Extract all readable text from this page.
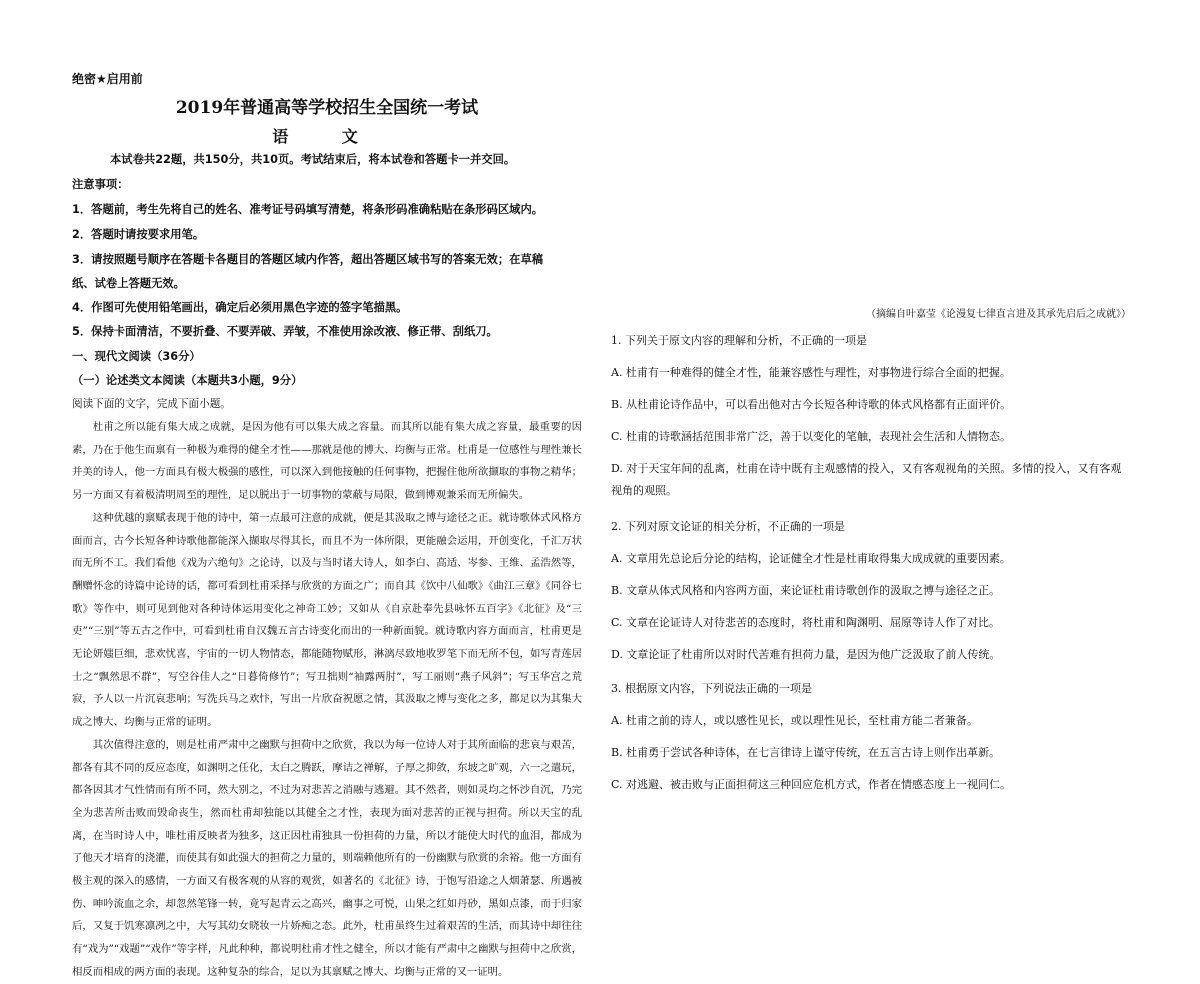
绝密★启用前
2019年普通高等学校招生全国统一考试
语 文
本试卷共22题，共150分，共10页。考试结束后，将本试卷和答题卡一并交回。
注意事项：
1．答题前，考生先将自己的姓名、准考证号码填写清楚，将条形码准确粘贴在条形码区域内。
2．答题时请按要求用笔。
3．请按照题号顺序在答题卡各题目的答题区域内作答，超出答题区域书写的答案无效；在草稿
纸、试卷上答题无效。
4．作图可先使用铅笔画出，确定后必须用黑色字迹的签字笔描黑。
5．保持卡面清洁，不要折叠、不要弄破、弄皱，不准使用涂改液、修正带、刮纸刀。
一、现代文阅读（36分）
（一）论述类文本阅读（本题共3小题，9分）
阅读下面的文字，完成下面小题。

杜甫之所以能有集大成之成就，是因为他有可以集大成之容量。而其所以能有集大成之容量，最重要的因素，乃在于他生而禀有一种极为难得的健全才性——那就是他的博大、均衡与正常。杜甫是一位感性与理性兼长并美的诗人，他一方面具有极大极强的感性，可以深入到他接触的任何事物，把握住他所欲撷取的事物之精华；另一方面又有着极清明周至的理性，足以脱出于一切事物的蒙蔽与局限，做到博观兼采而无所偏失。

这种优越的禀赋表现于他的诗中，第一点最可注意的成就，便是其汲取之博与途径之正。就诗歌体式风格方面而言，古今长短各种诗歌他都能深入撷取尽得其长，而且不为一体所限，更能融会运用，开创变化，千汇万状而无所不工。我们看他《戏为六绝句》之论诗，以及与当时诸大诗人，如李白、高适、岑参、王维、孟浩然等，酬赠怀念的诗篇中论诗的话，都可看到杜甫采择与欣赏的方面之广；而自其《饮中八仙歌》《曲江三章》《同谷七歌》等作中，则可见到他对各种诗体运用变化之神奇工妙；又如从《自京赴奉先县咏怀五百字》《北征》及“三吏”“三别”等五古之作中，可看到杜甫自汉魏五言古诗变化而出的一种新面貌。就诗歌内容方面而言，杜甫更是无论妍媸巨细，悲欢忧喜，宇宙的一切人物情态，都能随物赋形，淋漓尽致地收罗笔下而无所不包，如写青莲居士之“飘然思不群”，写空谷佳人之“日暮倚修竹”；写丑拙则“袖露两肘”，写工丽则“燕子风斜”；写玉华宫之荒寂，予人以一片沉哀悲响；写洗兵马之欢忭，写出一片欣奋祝愿之情，其汲取之博与变化之多，都足以为其集大成之博大、均衡与正常的证明。

其次值得注意的，则是杜甫严肃中之幽默与担荷中之欣赏，我以为每一位诗人对于其所面临的悲哀与艰苦，都各有其不同的反应态度，如渊明之任化，太白之腾跃，摩诘之禅解，子厚之抑敛，东坡之旷观，六一之遣玩，都各因其才气性情而有所不同，然大别之，不过为对悲苦之消融与逃避。其不然者，则如灵均之怀沙自沉，乃完全为悲苦所击败而毁命丧生，然而杜甫却独能以其健全之才性，表现为面对悲苦的正视与担荷。所以天宝的乱离，在当时诗人中，唯杜甫反映者为独多，这正因杜甫独具一份担荷的力量，所以才能使大时代的血泪，都成为了他天才培育的浇灌，而使其有如此强大的担荷之力量的，则端赖他所有的一份幽默与欣赏的余裕。他一方面有极主观的深入的感情，一方面又有极客观的从容的观赏，如著名的《北征》诗，于饱写沿途之人烟萧瑟、所遇被伤、呻吟流血之余，却忽然笔锋一转，竟写起青云之高兴，幽事之可悦，山果之红如丹砂，黑如点漆，而于归家后，又复于饥寒凛冽之中，大写其幼女晓妆一片娇痴之态。此外，杜甫虽终生过着艰苦的生活，而其诗中却往往有“戏为”“戏题”“戏作”等字样，凡此种种，都说明杜甫才性之健全，所以才能有严肃中之幽默与担荷中之欣赏，相反而相成的两方面的表现。这种复杂的综合，足以为其禀赋之博大、均衡与正常的又一证明。

（摘编自叶嘉莹《论漫复七律直言进及其承先启后之成就》）
1. 下列关于原文内容的理解和分析，不正确的一项是
A. 杜甫有一种难得的健全才性，能兼容感性与理性，对事物进行综合全面的把握。
B. 从杜甫论诗作品中，可以看出他对古今长短各种诗歌的体式风格都有正面评价。
C. 杜甫的诗歌涵括范围非常广泛，善于以变化的笔触，表现社会生活和人情物态。
D. 对于天宝年间的乱离，杜甫在诗中既有主观感情的投入，又有客观视角的关照。多情的投入，又有客观视角的观照。
2. 下列对原文论证的相关分析，不正确的一项是
A. 文章用先总论后分论的结构，论证健全才性是杜甫取得集大成成就的重要因素。
B. 文章从体式风格和内容两方面，来论证杜甫诗歌创作的汲取之博与途径之正。
C. 文章在论证诗人对待悲苦的态度时，将杜甫和陶渊明、屈原等诗人作了对比。
D. 文章论证了杜甫所以对时代苦难有担荷力量，是因为他广泛汲取了前人传统。
3. 根据原文内容，下列说法正确的一项是
A. 杜甫之前的诗人，或以感性见长，或以理性见长，至杜甫方能二者兼备。
B. 杜甫勇于尝试各种诗体，在七言律诗上谨守传统，在五言古诗上则作出革新。
C. 对逃避、被击败与正面担荷这三种回应危机方式，作者在情感态度上一视同仁。
